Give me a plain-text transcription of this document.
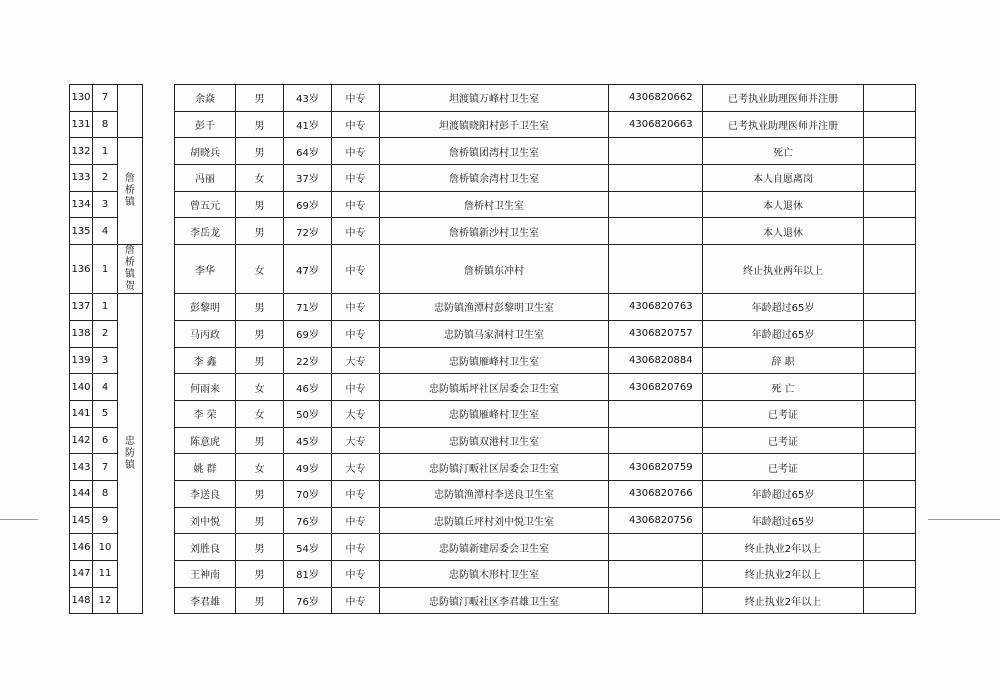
130	7			余焱	男	43岁	中专	坦渡镇万峰村卫生室	4306820662	已考执业助理医师并注册	
131	8			彭千	男	41岁	中专	坦渡镇晓阳村彭千卫生室	4306820663	已考执业助理医师并注册	
132	1	詹桥镇		胡晓兵	男	64岁	中专	詹桥镇团湾村卫生室		死亡	
133	2			冯丽	女	37岁	中专	詹桥镇余湾村卫生室		本人自愿离岗	
134	3			曾五元	男	69岁	中专	詹桥村卫生室		本人退休	
135	4			李岳龙	男	72岁	中专	詹桥镇新沙村卫生室		本人退休	
136	1	詹桥镇贺		李华	女	47岁	中专	詹桥镇东冲村		终止执业两年以上	
137	1	忠防镇		彭黎明	男	71岁	中专	忠防镇渔潭村彭黎明卫生室	4306820763	年龄超过65岁	
138	2			马丙政	男	69岁	中专	忠防镇马家洞村卫生室	4306820757	年龄超过65岁	
139	3			李 鑫	男	22岁	大专	忠防镇雁峰村卫生室	4306820884	辞 职	
140	4			何雨来	女	46岁	中专	忠防镇垢坪社区居委会卫生室	4306820769	死 亡	
141	5			李 荣	女	50岁	大专	忠防镇雁峰村卫生室		已考证	
142	6			陈意虎	男	45岁	大专	忠防镇双港村卫生室		已考证	
143	7			姚 群	女	49岁	大专	忠防镇汀畈社区居委会卫生室	4306820759	已考证	
144	8			李送良	男	70岁	中专	忠防镇渔潭村李送良卫生室	4306820766	年龄超过65岁	
145	9			刘中悦	男	76岁	中专	忠防镇丘坪村刘中悦卫生室	4306820756	年龄超过65岁	
146	10			刘胜良	男	54岁	中专	忠防镇新建居委会卫生室		终止执业2年以上	
147	11			王神南	男	81岁	中专	忠防镇木形村卫生室		终止执业2年以上	
148	12			李君雄	男	76岁	中专	忠防镇汀畈社区李君雄卫生室		终止执业2年以上	
